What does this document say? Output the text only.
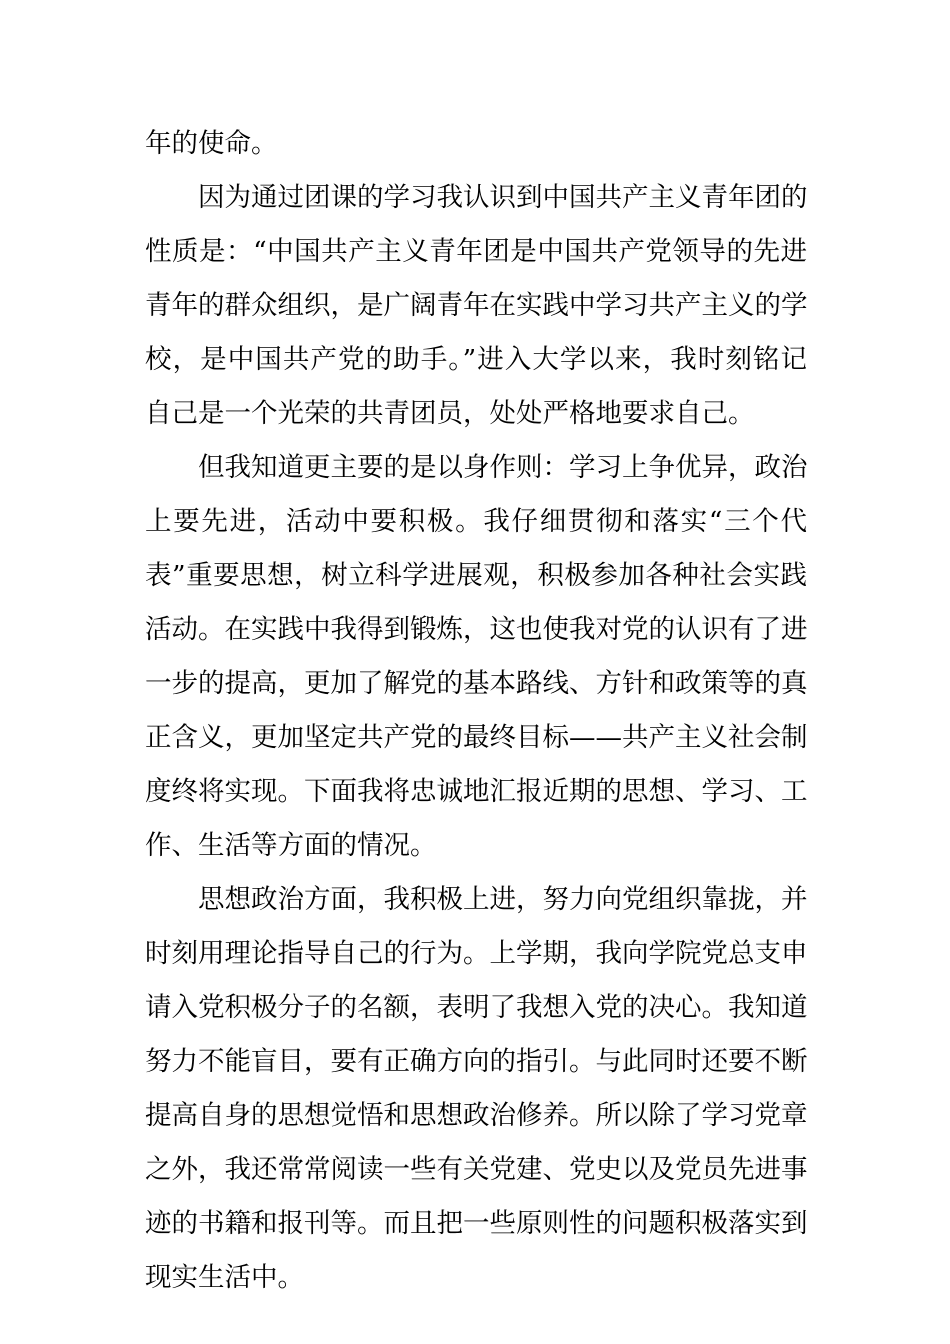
年的使命。
　　因为通过团课的学习我认识到中国共产主义青年团的
性质是：“中国共产主义青年团是中国共产党领导的先进
青年的群众组织，是广阔青年在实践中学习共产主义的学
校，是中国共产党的助手。”进入大学以来，我时刻铭记
自己是一个光荣的共青团员，处处严格地要求自己。
　　但我知道更主要的是以身作则：学习上争优异，政治
上要先进，活动中要积极。我仔细贯彻和落实“三个代
表”重要思想，树立科学进展观，积极参加各种社会实践
活动。在实践中我得到锻炼，这也使我对党的认识有了进
一步的提高，更加了解党的基本路线、方针和政策等的真
正含义，更加坚定共产党的最终目标——共产主义社会制
度终将实现。下面我将忠诚地汇报近期的思想、学习、工
作、生活等方面的情况。
　　思想政治方面，我积极上进，努力向党组织靠拢，并
时刻用理论指导自己的行为。上学期，我向学院党总支申
请入党积极分子的名额，表明了我想入党的决心。我知道
努力不能盲目，要有正确方向的指引。与此同时还要不断
提高自身的思想觉悟和思想政治修养。所以除了学习党章
之外，我还常常阅读一些有关党建、党史以及党员先进事
迹的书籍和报刊等。而且把一些原则性的问题积极落实到
现实生活中。
